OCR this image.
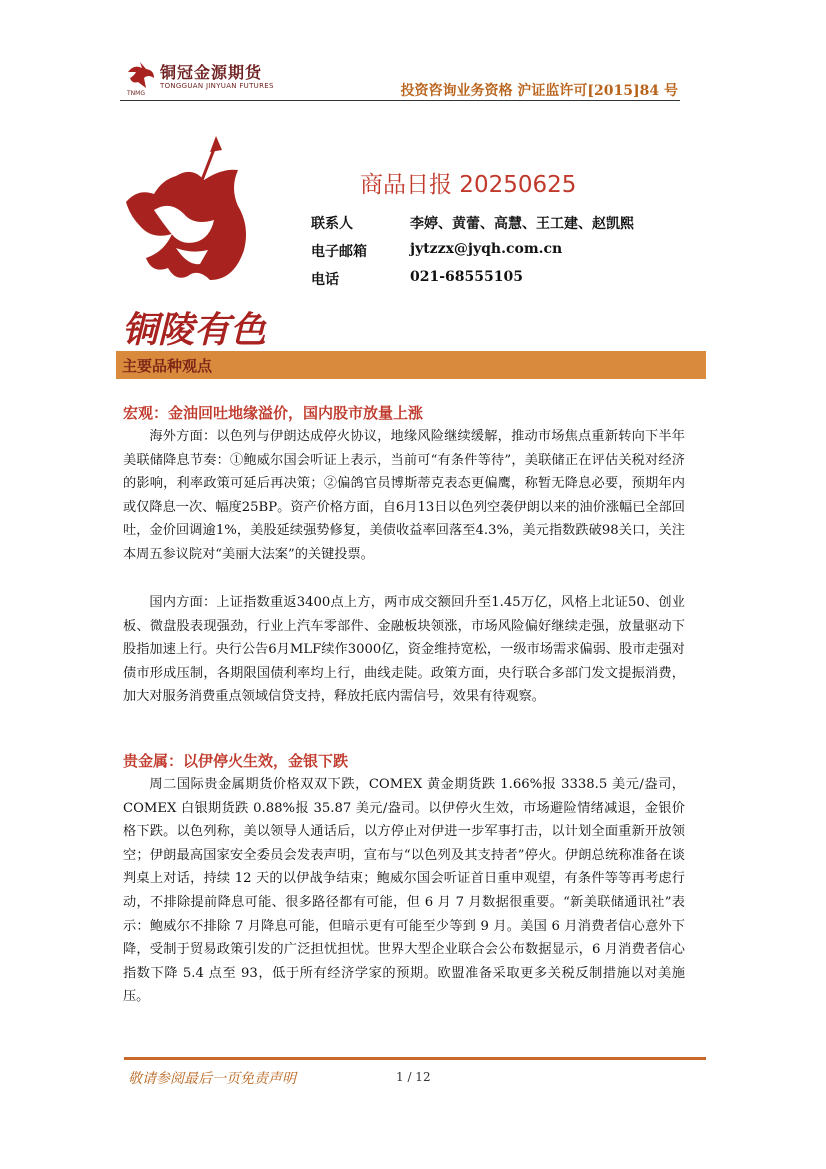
铜冠金源期货
TONGGUAN JINYUAN FUTURES
TNMG	投资咨询业务资格 沪证监许可[2015]84 号
铜陵有色
商品日报 20250625
联系人	李婷、黄蕾、高慧、王工建、赵凯熙
电子邮箱	jytzzx@jyqh.com.cn
电话	021-68555105
主要品种观点
宏观：金油回吐地缘溢价，国内股市放量上涨

海外方面：以色列与伊朗达成停火协议，地缘风险继续缓解，推动市场焦点重新转向下半年美联储降息节奏：①鲍威尔国会听证上表示，当前可“有条件等待”，美联储正在评估关税对经济的影响，利率政策可延后再决策；②偏鸽官员博斯蒂克表态更偏鹰，称暂无降息必要，预期年内或仅降息一次、幅度25BP。资产价格方面，自6月13日以色列空袭伊朗以来的油价涨幅已全部回吐，金价回调逾1%，美股延续强势修复，美债收益率回落至4.3%，美元指数跌破98关口，关注本周五参议院对“美丽大法案”的关键投票。

国内方面：上证指数重返3400点上方，两市成交额回升至1.45万亿，风格上北证50、创业板、微盘股表现强劲，行业上汽车零部件、金融板块领涨，市场风险偏好继续走强，放量驱动下股指加速上行。央行公告6月MLF续作3000亿，资金维持宽松，一级市场需求偏弱、股市走强对债市形成压制，各期限国债利率均上行，曲线走陡。政策方面，央行联合多部门发文提振消费，加大对服务消费重点领域信贷支持，释放托底内需信号，效果有待观察。

贵金属：以伊停火生效，金银下跌

周二国际贵金属期货价格双双下跌，COMEX 黄金期货跌 1.66%报 3338.5 美元/盎司，COMEX 白银期货跌 0.88%报 35.87 美元/盎司。以伊停火生效，市场避险情绪减退，金银价格下跌。以色列称，美以领导人通话后，以方停止对伊进一步军事打击，以计划全面重新开放领空；伊朗最高国家安全委员会发表声明，宣布与“以色列及其支持者”停火。伊朗总统称准备在谈判桌上对话，持续 12 天的以伊战争结束；鲍威尔国会听证首日重申观望，有条件等等再考虑行动，不排除提前降息可能、很多路径都有可能，但 6 月 7 月数据很重要。“新美联储通讯社”表示：鲍威尔不排除 7 月降息可能，但暗示更有可能至少等到 9 月。美国 6 月消费者信心意外下降，受制于贸易政策引发的广泛担忧担忧。世界大型企业联合会公布数据显示，6 月消费者信心指数下降 5.4 点至 93，低于所有经济学家的预期。欧盟准备采取更多关税反制措施以对美施压。

敬请参阅最后一页免责声明	1 / 12
